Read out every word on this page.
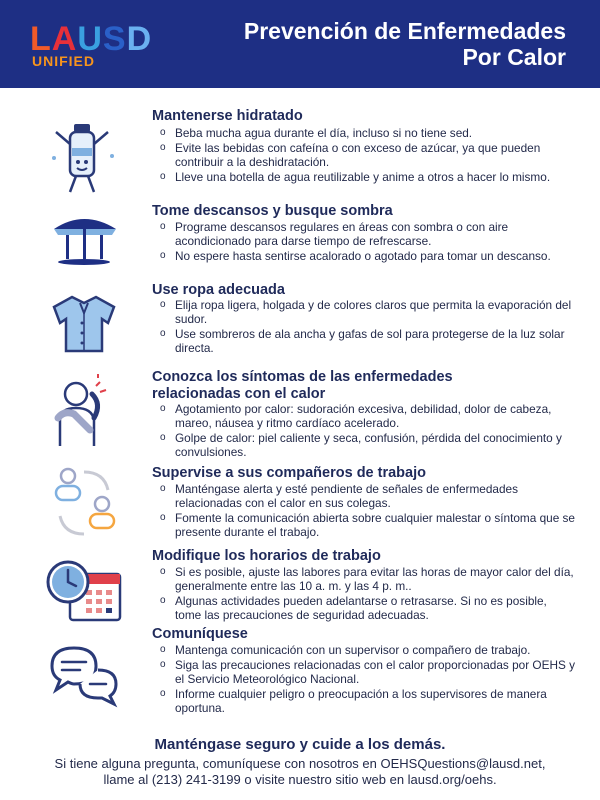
LAUSD
UNIFIED
Prevención de Enfermedades
Por Calor
Mantenerse hidratado
o Beba mucha agua durante el día, incluso si no tiene sed.
o Evite las bebidas con cafeína o con exceso de azúcar, ya que pueden contribuir a la deshidratación.
o Lleve una botella de agua reutilizable y anime a otros a hacer lo mismo.
Tome descansos y busque sombra
o Programe descansos regulares en áreas con sombra o con aire acondicionado para darse tiempo de refrescarse.
o No espere hasta sentirse acalorado o agotado para tomar un descanso.
Use ropa adecuada
o Elija ropa ligera, holgada y de colores claros que permita la evaporación del sudor.
o Use sombreros de ala ancha y gafas de sol para protegerse de la luz solar directa.
Conozca los síntomas de las enfermedades
relacionadas con el calor
o Agotamiento por calor: sudoración excesiva, debilidad, dolor de cabeza, mareo, náusea y ritmo cardíaco acelerado.
o Golpe de calor: piel caliente y seca, confusión, pérdida del conocimiento y convulsiones.
Supervise a sus compañeros de trabajo
o Manténgase alerta y esté pendiente de señales de enfermedades relacionadas con el calor en sus colegas.
o Fomente la comunicación abierta sobre cualquier malestar o síntoma que se presente durante el trabajo.
Modifique los horarios de trabajo
o Si es posible, ajuste las labores para evitar las horas de mayor calor del día, generalmente entre las 10 a. m. y las 4 p. m..
o Algunas actividades pueden adelantarse o retrasarse. Si no es posible, tome las precauciones de seguridad adecuadas.
Comuníquese
o Mantenga comunicación con un supervisor o compañero de trabajo.
o Siga las precauciones relacionadas con el calor proporcionadas por OEHS y el Servicio Meteorológico Nacional.
o Informe cualquier peligro o preocupación a los supervisores de manera oportuna.
Manténgase seguro y cuide a los demás.
Si tiene alguna pregunta, comuníquese con nosotros en OEHSQuestions@lausd.net,
llame al (213) 241-3199 o visite nuestro sitio web en lausd.org/oehs.
